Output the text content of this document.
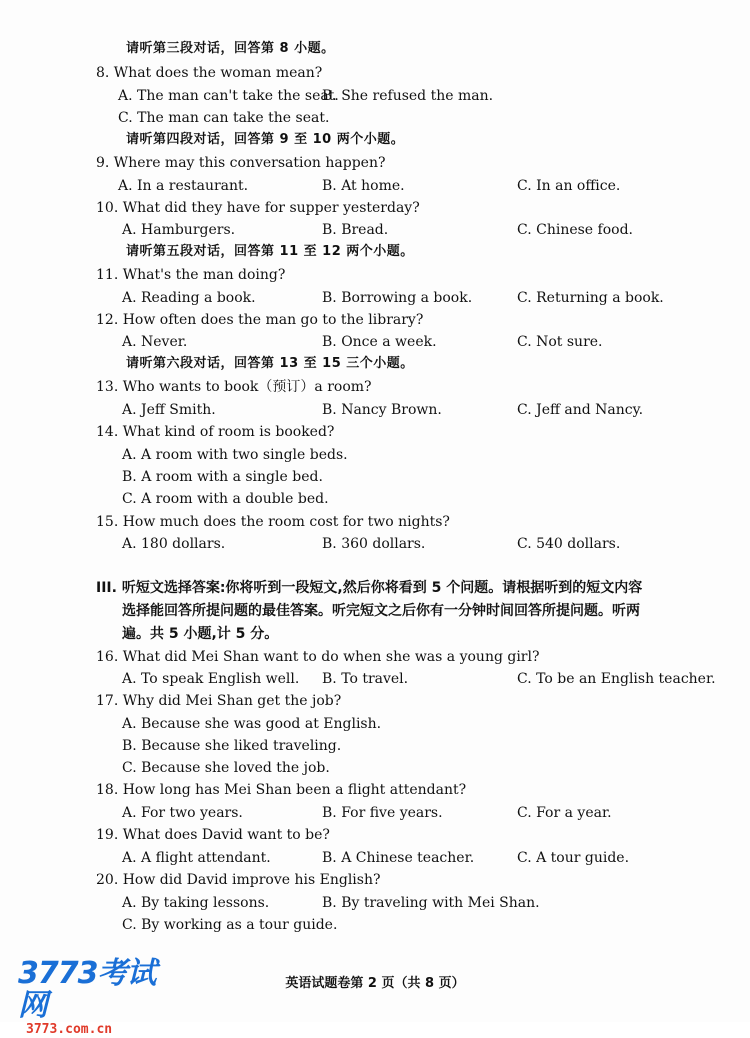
请听第三段对话，回答第 8 小题。
8. What does the woman mean?
A. The man can't take the seat.
B. She refused the man.
C. The man can take the seat.
请听第四段对话，回答第 9 至 10 两个小题。
9. Where may this conversation happen?
A. In a restaurant.	B. At home.	C. In an office.
10. What did they have for supper yesterday?
A. Hamburgers.	B. Bread.	C. Chinese food.
请听第五段对话，回答第 11 至 12 两个小题。
11. What's the man doing?
A. Reading a book.	B. Borrowing a book.	C. Returning a book.
12. How often does the man go to the library?
A. Never.	B. Once a week.	C. Not sure.
请听第六段对话，回答第 13 至 15 三个小题。
13. Who wants to book（预订）a room?
A. Jeff Smith.	B. Nancy Brown.	C. Jeff and Nancy.
14. What kind of room is booked?
A. A room with two single beds.
B. A room with a single bed.
C. A room with a double bed.
15. How much does the room cost for two nights?
A. 180 dollars.	B. 360 dollars.	C. 540 dollars.
III. 听短文选择答案:你将听到一段短文,然后你将看到 5 个问题。请根据听到的短文内容
选择能回答所提问题的最佳答案。听完短文之后你有一分钟时间回答所提问题。听两
遍。共 5 小题,计 5 分。
16. What did Mei Shan want to do when she was a young girl?
A. To speak English well. B. To travel.	C. To be an English teacher.
17. Why did Mei Shan get the job?
A. Because she was good at English.
B. Because she liked traveling.
C. Because she loved the job.
18. How long has Mei Shan been a flight attendant?
A. For two years.	B. For five years.	C. For a year.
19. What does David want to be?
A. A flight attendant.	B. A Chinese teacher.	C. A tour guide.
20. How did David improve his English?
A. By taking lessons.	B. By traveling with Mei Shan.
C. By working as a tour guide.
3773考试网
3773.com.cn
英语试题卷第 2 页（共 8 页）
